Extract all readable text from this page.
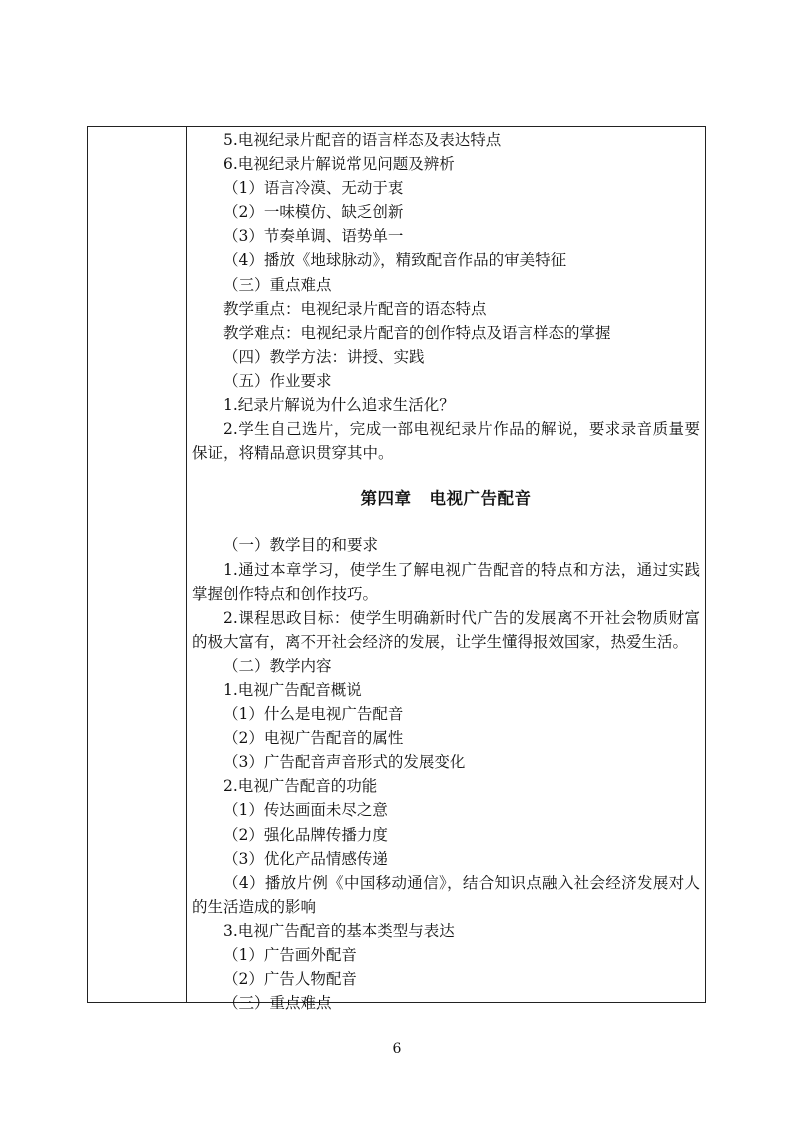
5.电视纪录片配音的语言样态及表达特点

6.电视纪录片解说常见问题及辨析

（1）语言冷漠、无动于衷

（2）一味模仿、缺乏创新

（3）节奏单调、语势单一

（4）播放《地球脉动》，精致配音作品的审美特征

（三）重点难点

教学重点：电视纪录片配音的语态特点

教学难点：电视纪录片配音的创作特点及语言样态的掌握

（四）教学方法：讲授、实践

（五）作业要求

1.纪录片解说为什么追求生活化？

2.学生自己选片，完成一部电视纪录片作品的解说，要求录音质量要保证，将精品意识贯穿其中。

第四章 电视广告配音

（一）教学目的和要求

1.通过本章学习，使学生了解电视广告配音的特点和方法，通过实践掌握创作特点和创作技巧。

2.课程思政目标：使学生明确新时代广告的发展离不开社会物质财富的极大富有，离不开社会经济的发展，让学生懂得报效国家，热爱生活。

（二）教学内容

1.电视广告配音概说

（1）什么是电视广告配音

（2）电视广告配音的属性

（3）广告配音声音形式的发展变化

2.电视广告配音的功能

（1）传达画面未尽之意

（2）强化品牌传播力度

（3）优化产品情感传递

（4）播放片例《中国移动通信》，结合知识点融入社会经济发展对人的生活造成的影响

3.电视广告配音的基本类型与表达

（1）广告画外配音

（2）广告人物配音

（三）重点难点

6
